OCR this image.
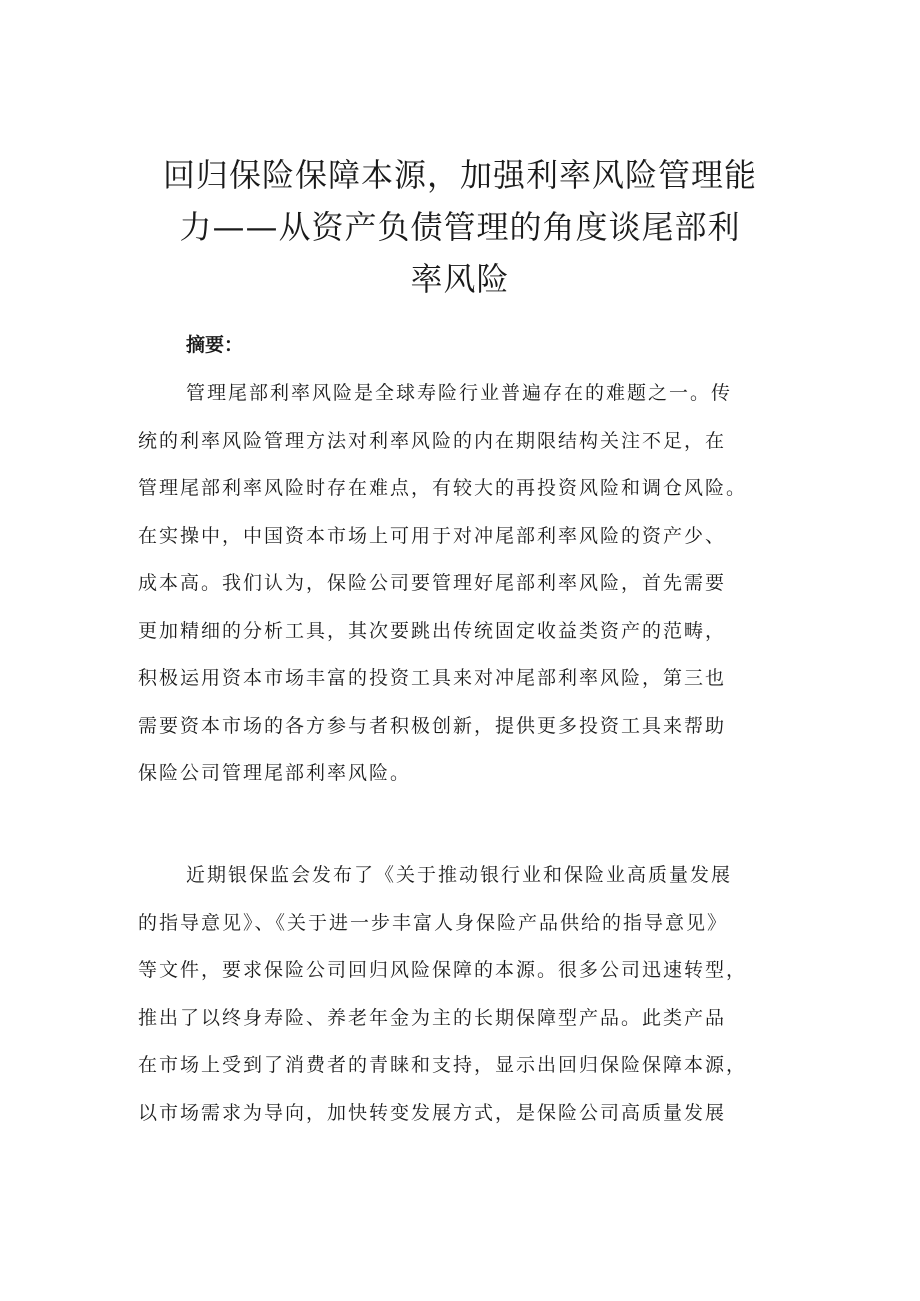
回归保险保障本源，加强利率风险管理能
力——从资产负债管理的角度谈尾部利
率风险
摘要：
管理尾部利率风险是全球寿险行业普遍存在的难题之一。传
统的利率风险管理方法对利率风险的内在期限结构关注不足，在
管理尾部利率风险时存在难点，有较大的再投资风险和调仓风险。
在实操中，中国资本市场上可用于对冲尾部利率风险的资产少、
成本高。我们认为，保险公司要管理好尾部利率风险，首先需要
更加精细的分析工具，其次要跳出传统固定收益类资产的范畴，
积极运用资本市场丰富的投资工具来对冲尾部利率风险，第三也
需要资本市场的各方参与者积极创新，提供更多投资工具来帮助
保险公司管理尾部利率风险。
近期银保监会发布了《关于推动银行业和保险业高质量发展
的指导意见》、《关于进一步丰富人身保险产品供给的指导意见》
等文件，要求保险公司回归风险保障的本源。很多公司迅速转型，
推出了以终身寿险、养老年金为主的长期保障型产品。此类产品
在市场上受到了消费者的青睐和支持，显示出回归保险保障本源，
以市场需求为导向，加快转变发展方式，是保险公司高质量发展
